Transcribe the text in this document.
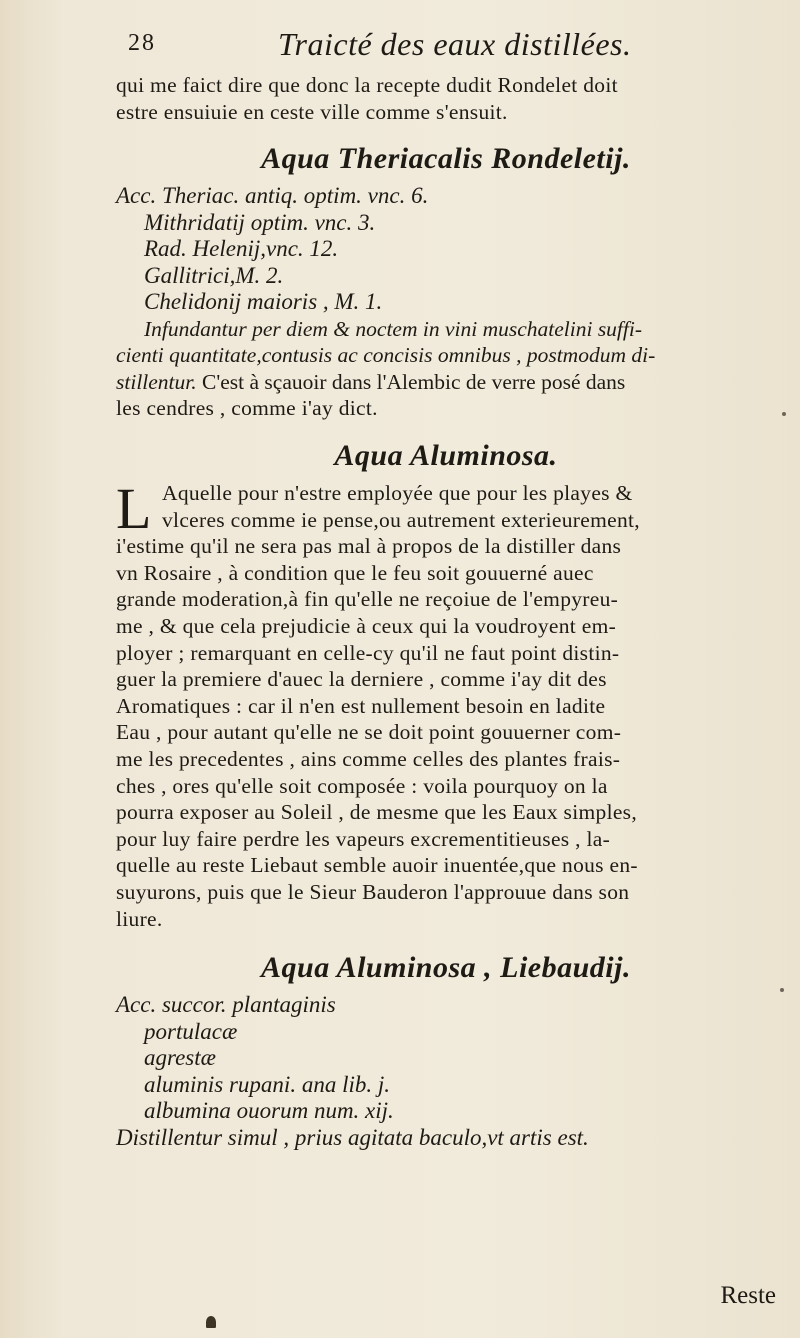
28	Traicté des eaux distillées.
qui me faict dire que donc la recepte dudit Rondelet doit
estre ensuiuie en ceste ville comme s'ensuit.
Aqua Theriacalis Rondeletij.
Acc. Theriac. antiq. optim. vnc. 6.
Mithridatij optim. vnc. 3.
Rad. Helenij,vnc. 12.
Gallitrici,M. 2.
Chelidonij maioris , M. 1.
Infundantur per diem & noctem in vini muschatelini suffi-
cienti quantitate,contusis ac concisis omnibus , postmodum di-
stillentur. C'est à sçauoir dans l'Alembic de verre posé dans
les cendres , comme i'ay dict.
Aqua Aluminosa.
L Aquelle pour n'estre employée que pour les playes &
vlceres comme ie pense,ou autrement exterieurement,
i'estime qu'il ne sera pas mal à propos de la distiller dans
vn Rosaire , à condition que le feu soit gouuerné auec
grande moderation,à fin qu'elle ne reçoiue de l'empyreu-
me , & que cela prejudicie à ceux qui la voudroyent em-
ployer ; remarquant en celle-cy qu'il ne faut point distin-
guer la premiere d'auec la derniere , comme i'ay dit des
Aromatiques : car il n'en est nullement besoin en ladite
Eau , pour autant qu'elle ne se doit point gouuerner com-
me les precedentes , ains comme celles des plantes frais-
ches , ores qu'elle soit composée : voila pourquoy on la
pourra exposer au Soleil , de mesme que les Eaux simples,
pour luy faire perdre les vapeurs excrementitieuses , la-
quelle au reste Liebaut semble auoir inuentée,que nous en-
suyurons, puis que le Sieur Bauderon l'approuue dans son
liure.
Aqua Aluminosa , Liebaudij.
Acc. succor. plantaginis
portulacæ
agrestæ
aluminis rupani. ana lib. j.
albumina ouorum num. xij.
Distillentur simul , prius agitata baculo,vt artis est.
Reste
